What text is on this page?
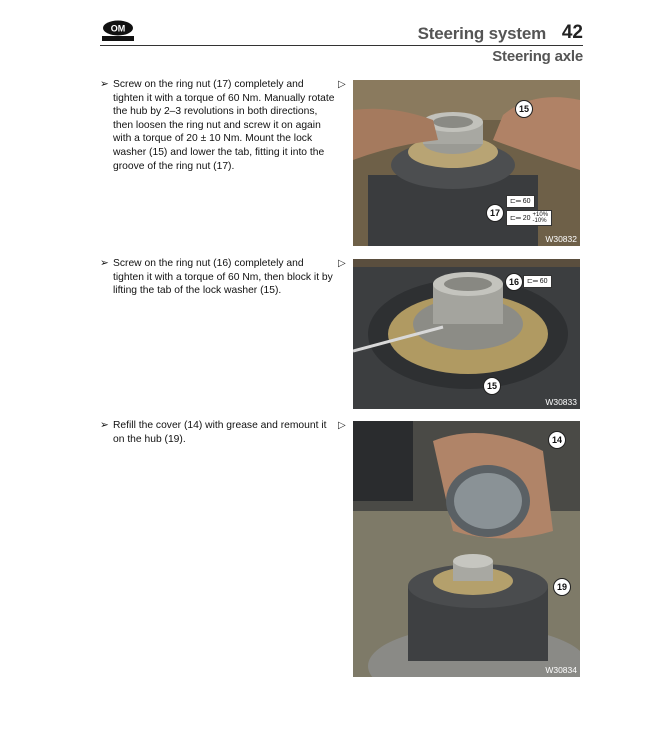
OM	Steering system 42
Steering axle
➢ Screw on the ring nut (17) completely and tighten it with a torque of 60 Nm. Manually rotate the hub by 2–3 revolutions in both directions, then loosen the ring nut and screw it on again with a torque of 20 ± 10 Nm. Mount the lock washer (15) and lower the tab, fitting it into the groove of the ring nut (17).
▷
15
17
⊏═ 60
⊏═ 20 +10%
-10%
W30832
➢ Screw on the ring nut (16) completely and tighten it with a torque of 60 Nm, then block it by lifting the tab of the lock washer (15).
▷
16
15
⊏═ 60
W30833
➢ Refill the cover (14) with grease and remount it on the hub (19).
▷
14
19
W30834
